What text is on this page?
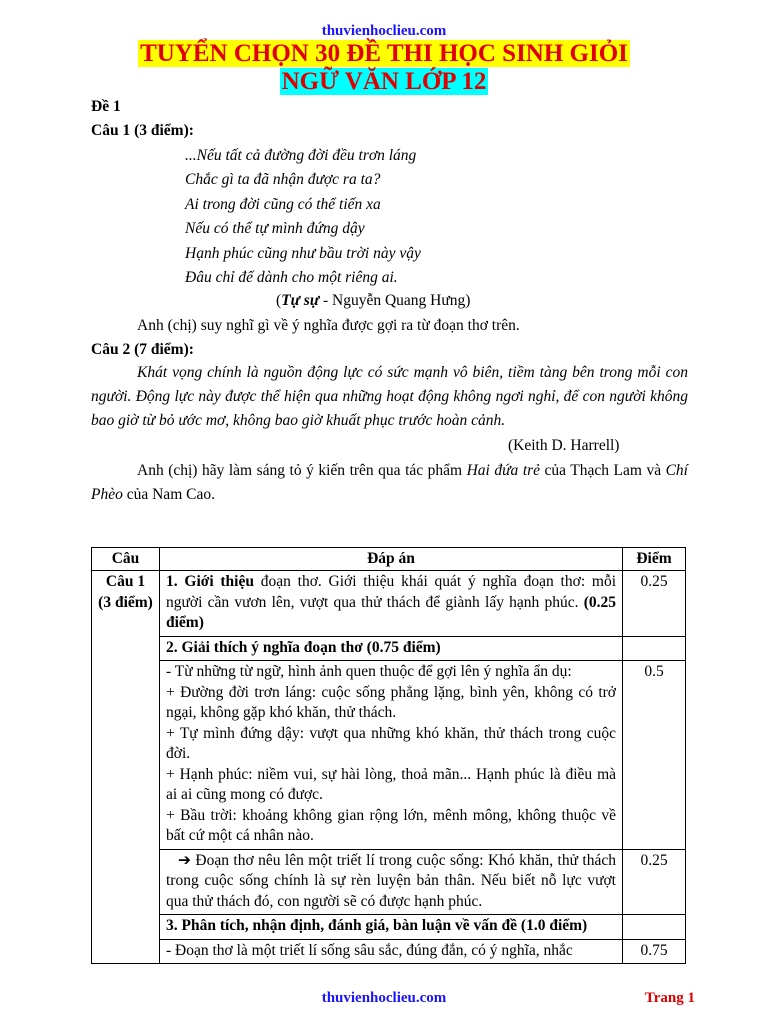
thuvienhoclieu.com
TUYỂN CHỌN 30 ĐỀ THI HỌC SINH GIỎI
NGỮ VĂN LỚP 12
Đề 1
Câu 1 (3 điểm):
...Nếu tất cả đường đời đều trơn láng
Chắc gì ta đã nhận được ra ta?
Ai trong đời cũng có thể tiến xa
Nếu có thể tự mình đứng dậy
Hạnh phúc cũng như bầu trời này vậy
Đâu chỉ để dành cho một riêng ai.
(Tự sự - Nguyễn Quang Hưng)
Anh (chị) suy nghĩ gì về ý nghĩa được gợi ra từ đoạn thơ trên.
Câu 2 (7 điểm):
Khát vọng chính là nguồn động lực có sức mạnh vô biên, tiềm tàng bên trong mỗi con người. Động lực này được thể hiện qua những hoạt động không ngơi nghỉ, để con người không bao giờ từ bỏ ước mơ, không bao giờ khuất phục trước hoàn cảnh.
(Keith D. Harrell)
Anh (chị) hãy làm sáng tỏ ý kiến trên qua tác phẩm Hai đứa trẻ của Thạch Lam và Chí Phèo của Nam Cao.
Câu	Đáp án	Điểm
Câu 1 (3 điểm)	1. Giới thiệu đoạn thơ. Giới thiệu khái quát ý nghĩa đoạn thơ: mỗi người cần vươn lên, vượt qua thử thách để giành lấy hạnh phúc. (0.25 điểm)	0.25
	2. Giải thích ý nghĩa đoạn thơ (0.75 điểm)	

	- Từ những từ ngữ, hình ảnh quen thuộc để gợi lên ý nghĩa ẩn dụ:
+ Đường đời trơn láng: cuộc sống phẳng lặng, bình yên, không có trở ngại, không gặp khó khăn, thử thách.
+ Tự mình đứng dậy: vượt qua những khó khăn, thử thách trong cuộc đời.
+ Hạnh phúc: niềm vui, sự hài lòng, thoả mãn... Hạnh phúc là điều mà ai ai cũng mong có được.
+ Bầu trời: khoảng không gian rộng lớn, mênh mông, không thuộc về bất cứ một cá nhân nào.	0.5
	➔ Đoạn thơ nêu lên một triết lí trong cuộc sống: Khó khăn, thử thách trong cuộc sống chính là sự rèn luyện bản thân. Nếu biết nỗ lực vượt qua thử thách đó, con người sẽ có được hạnh phúc.	0.25
	3. Phân tích, nhận định, đánh giá, bàn luận về vấn đề (1.0 điểm)	
	- Đoạn thơ là một triết lí sống sâu sắc, đúng đắn, có ý nghĩa, nhắc	0.75
thuvienhoclieu.com	Trang 1
